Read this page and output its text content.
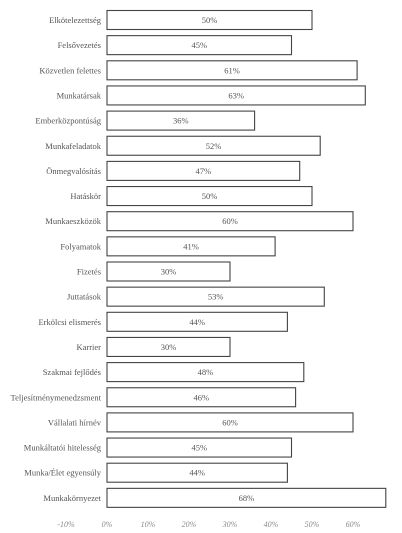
Elkötelezettség
Felsővezetés
Közvetlen felettes
Munkatársak
Emberközpontúság
Munkafeladatok
Önmegvalósítás
Hatáskör
Munkaeszközök
Folyamatok
Fizetés
Juttatások
Erkölcsi elismerés
Karrier
Szakmai fejlődés
Teljesítménymenedzsment
Vállalati hírnév
Munkáltatói hitelesség
Munka/Élet egyensúly
Munkakörnyezet
50%
45%
61%
63%
36%
52%
47%
50%
60%
41%
30%
53%
44%
30%
48%
46%
60%
45%
44%
68%
-10%	0%	10%	20%	30%	40%	50%	60%
